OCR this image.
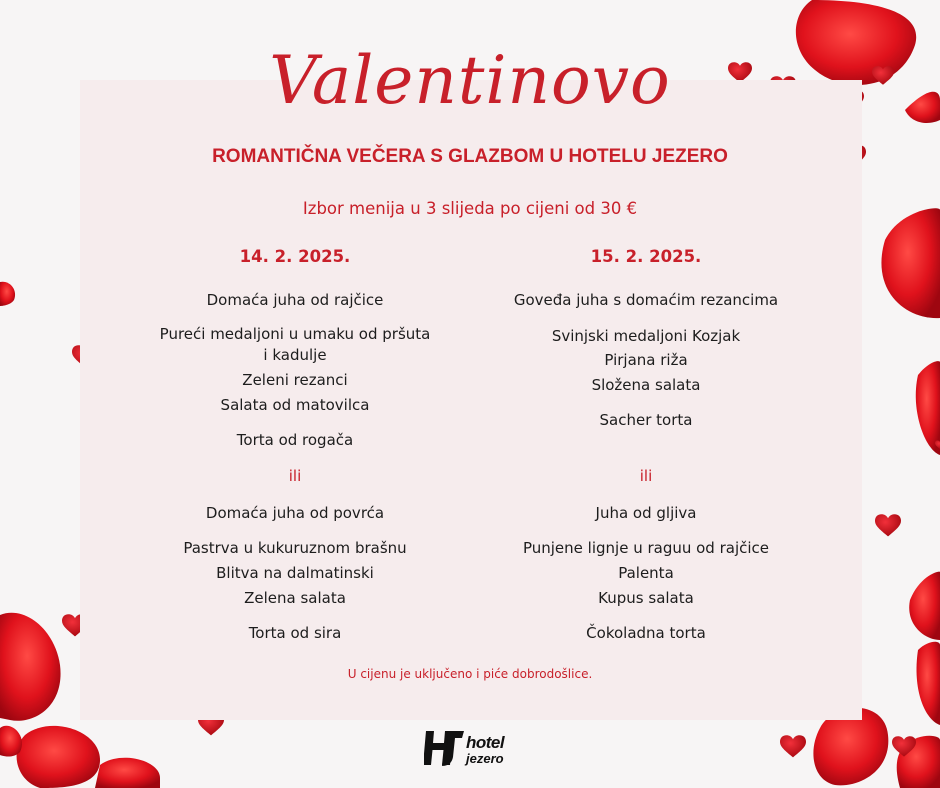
Valentinovo
ROMANTIČNA VEČERA S GLAZBOM U HOTELU JEZERO
Izbor menija u 3 slijeda po cijeni od 30 €
14. 2. 2025.
Domaća juha od rajčice
Pureći medaljoni u umaku od pršuta
i kadulje
Zeleni rezanci
Salata od matovilca
Torta od rogača
ili
Domaća juha od povrća
Pastrva u kukuruznom brašnu
Blitva na dalmatinski
Zelena salata
Torta od sira
15. 2. 2025.
Goveđa juha s domaćim rezancima
Svinjski medaljoni Kozjak
Pirjana riža
Složena salata
Sacher torta
ili
Juha od gljiva
Punjene lignje u raguu od rajčice
Palenta
Kupus salata
Čokoladna torta
U cijenu je uključeno i piće dobrodošlice.
hotel
jezero
